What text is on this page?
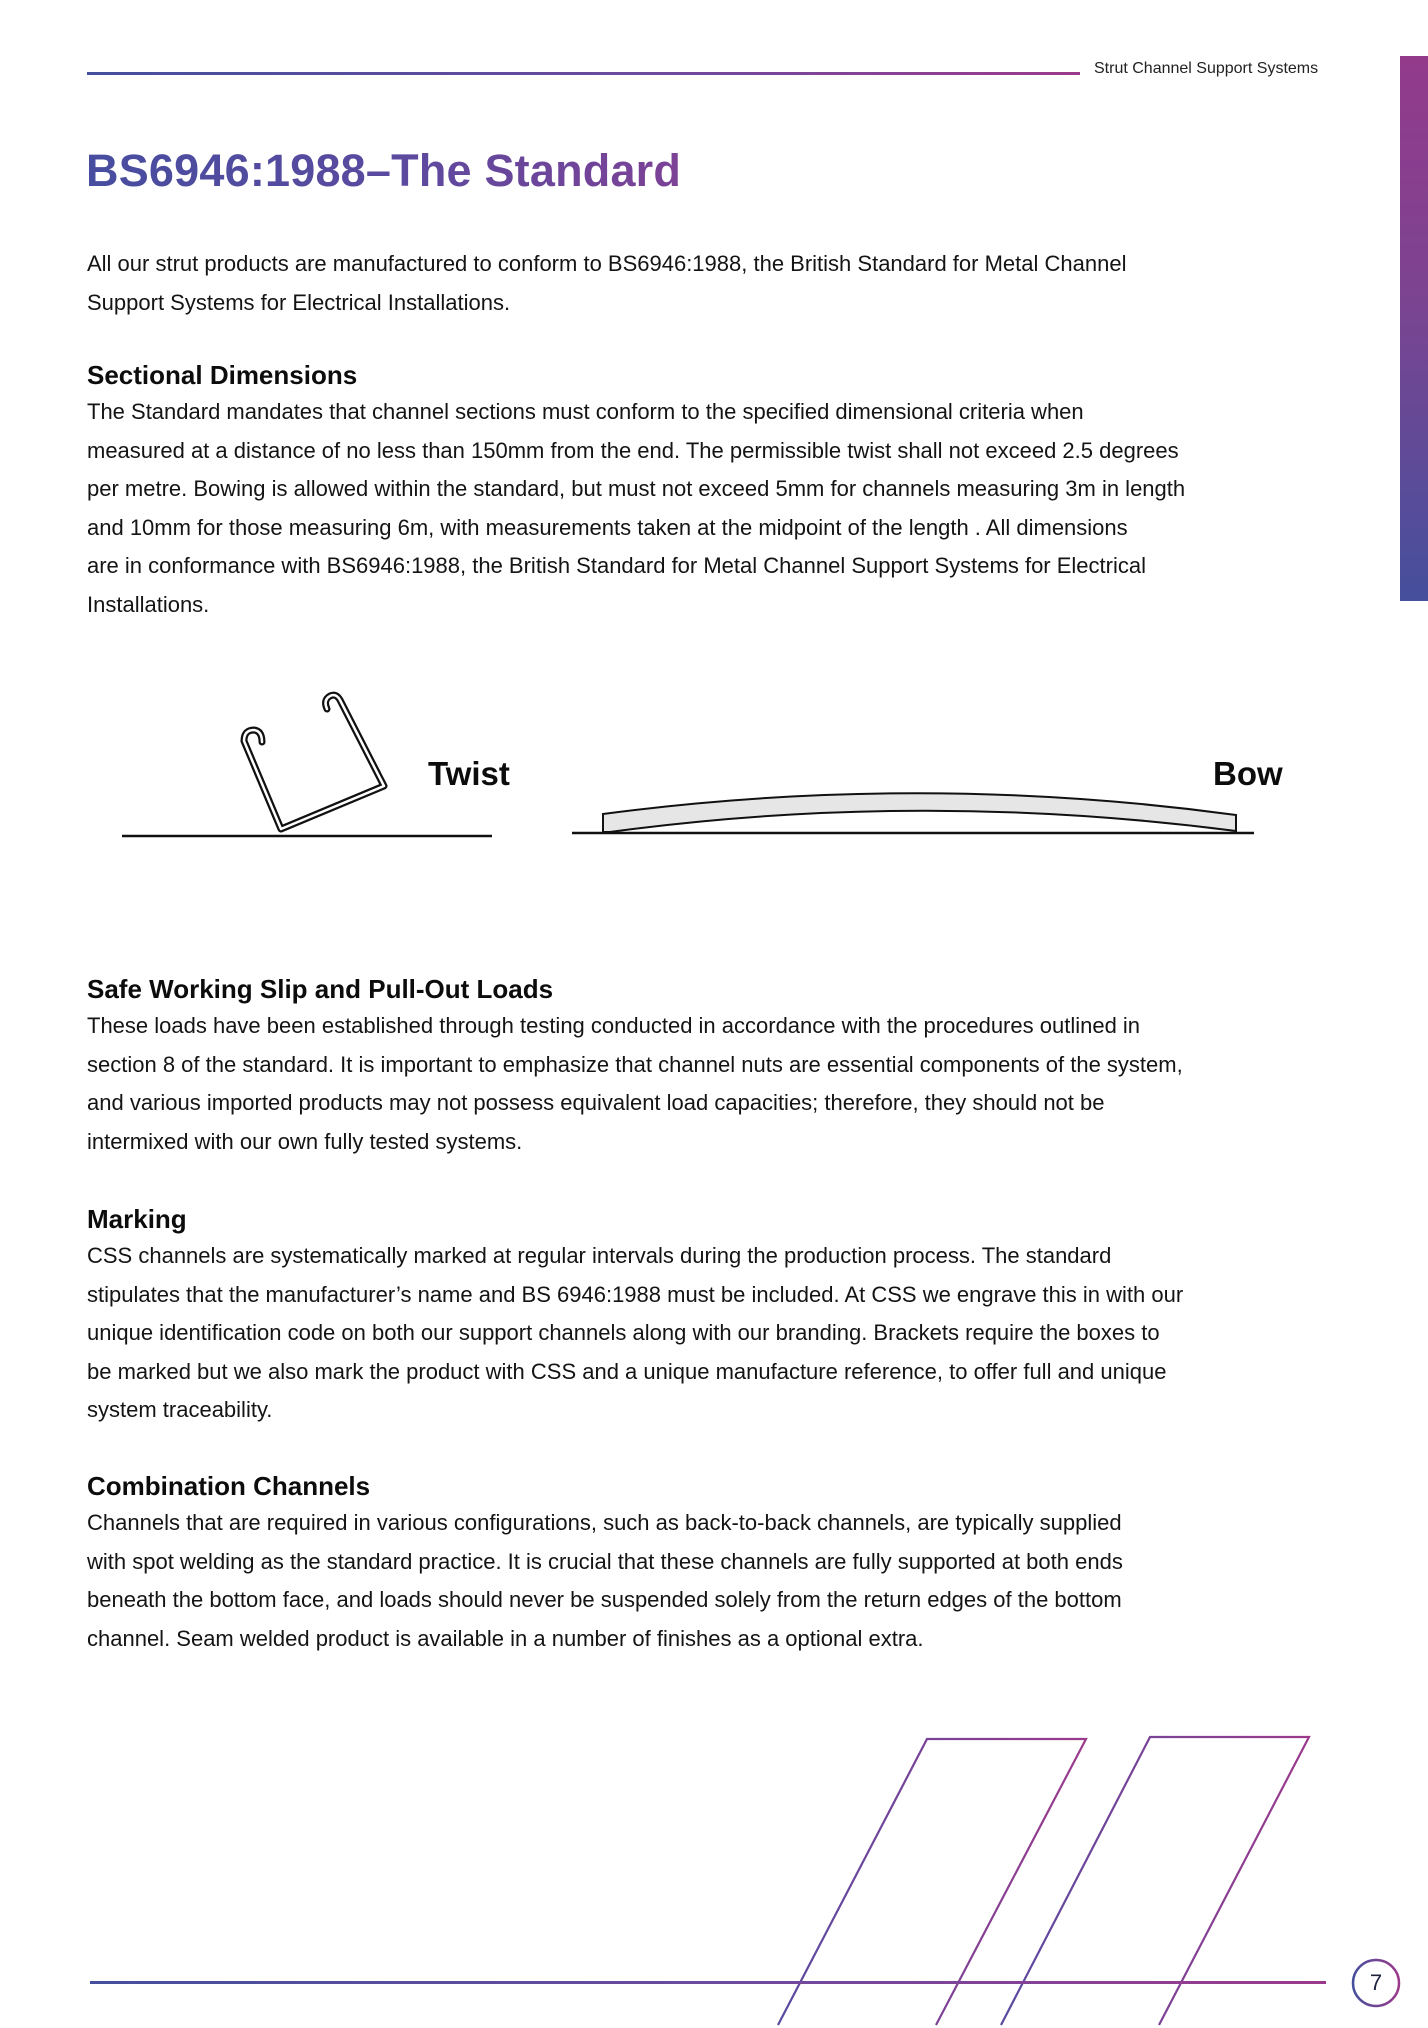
Strut Channel Support Systems
BS6946:1988–The Standard
All our strut products are manufactured to conform to BS6946:1988, the British Standard for Metal Channel
Support Systems for Electrical Installations.
Sectional Dimensions

The Standard mandates that channel sections must conform to the specified dimensional criteria when
measured at a distance of no less than 150mm from the end. The permissible twist shall not exceed 2.5 degrees
per metre. Bowing is allowed within the standard, but must not exceed 5mm for channels measuring 3m in length
and 10mm for those measuring 6m, with measurements taken at the midpoint of the length . All dimensions
are in conformance with BS6946:1988, the British Standard for Metal Channel Support Systems for Electrical
Installations.

Twist	Bow
Safe Working Slip and Pull-Out Loads

These loads have been established through testing conducted in accordance with the procedures outlined in
section 8 of the standard. It is important to emphasize that channel nuts are essential components of the system,
and various imported products may not possess equivalent load capacities; therefore, they should not be
intermixed with our own fully tested systems.

Marking

CSS channels are systematically marked at regular intervals during the production process. The standard
stipulates that the manufacturer’s name and BS 6946:1988 must be included. At CSS we engrave this in with our
unique identification code on both our support channels along with our branding. Brackets require the boxes to
be marked but we also mark the product with CSS and a unique manufacture reference, to offer full and unique
system traceability.

Combination Channels

Channels that are required in various configurations, such as back-to-back channels, are typically supplied
with spot welding as the standard practice. It is crucial that these channels are fully supported at both ends
beneath the bottom face, and loads should never be suspended solely from the return edges of the bottom
channel. Seam welded product is available in a number of finishes as a optional extra.

7
